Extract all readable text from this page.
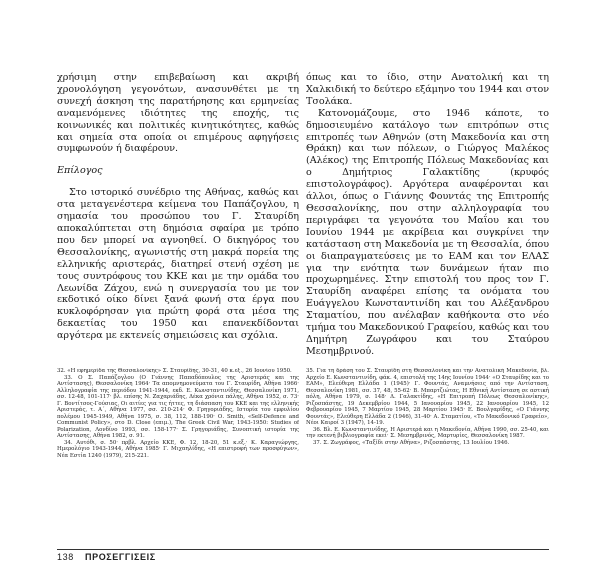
χρήσιμη στην επιβεβαίωση και ακριβή χρονολόγηση γεγονότων, ανασυνθέτει με τη συνεχή άσκηση της παρατήρησης και ερμηνείας αναμενόμενες ιδιότητες της εποχής, τις κοινωνικές και πολιτικές κινητικότητες, καθώς και σημεία στα οποία οι επιμέρους αφηγήσεις συμφωνούν ή διαφέρουν.

Επίλογος

Στο ιστορικό συνέδριο της Αθήνας, καθώς και στα μεταγενέστερα κείμενα του Παπάζογλου, η σημασία του προσώπου του Γ. Σταυρίδη αποκαλύπτεται στη δημόσια σφαίρα με τρόπο που δεν μπορεί να αγνοηθεί. Ο δικηγόρος του Θεσσαλονίκης, αγωνιστής στη μακρά πορεία της ελληνικής αριστεράς, διατηρεί στενή σχέση με τους συντρόφους του ΚΚΕ και με την ομάδα του Λεωνίδα Ζάχου, ενώ η συνεργασία του με τον εκδοτικό οίκο δίνει ξανά φωνή στα έργα που κυκλοφόρησαν για πρώτη φορά στα μέσα της δεκαετίας του 1950 και επανεκδίδονται αργότερα με εκτενείς σημειώσεις και σχόλια.

όπως και το ίδιο, στην Ανατολική και τη Χαλκιδική το δεύτερο εξάμηνο του 1944 και στον Τσολάκα.

Κατονομάζουμε, στο 1946 κάποτε, το δημοσιευμένο κατάλογο των επιτρόπων στις επιτροπές των Αθηνών (στη Μακεδονία και στη Θράκη) και των πόλεων, ο Γιώργος Μαλέκος (Αλέκος) της Επιτροπής Πόλεως Μακεδονίας και ο Δημήτριος Γαλακτίδης (κρυφός επιστολογράφος). Αργότερα αναφέρονται και άλλοι, όπως ο Γιάννης Φουντάς της Επιτροπής Θεσσαλονίκης, που στην αλληλογραφία του περιγράφει τα γεγονότα του Μαΐου και του Ιουνίου 1944 με ακρίβεια και συγκρίνει την κατάσταση στη Μακεδονία με τη Θεσσαλία, όπου οι διαπραγματεύσεις με το ΕΑΜ και τον ΕΛΑΣ για την ενότητα των δυνάμεων ήταν πιο προχωρημένες. Στην επιστολή του προς τον Γ. Σταυρίδη αναφέρει επίσης τα ονόματα του Ευάγγελου Κωνσταντινίδη και του Αλέξανδρου Σταματίου, που ανέλαβαν καθήκοντα στο νέο τμήμα του Μακεδονικού Γραφείου, καθώς και του Δημήτρη Ζωγράφου και του Σταύρου Μεσημβρινού.

32. «Η εφημερίδα της Θεσσαλονίκης» Σ. Σταυρίδης, 30-31, 40 κ.εξ., 26 Ιουνίου 1950.

33. Ο Σ. Παπάζογλου (Ο Γιάννης Παπαδόπουλος της Αριστεράς και της Αντίστασης), Θεσσαλονίκη 1964· Τα απομνημονεύματα του Γ. Σταυρίδη, Αθήνα 1966· Αλληλογραφία της περιόδου 1941-1944, εκδ. Ε. Κωνσταντινίδης, Θεσσαλονίκη 1971, σσ. 12-48, 101-117· βλ. επίσης Ν. Ζαχαριάδης, Δέκα χρόνια πάλης, Αθήνα 1952, σ. 73· Γ. Βοντίτσος-Γούσιας, Οι αιτίες για τις ήττες, τη διάσπαση του ΚΚΕ και της ελληνικής Αριστεράς, τ. Α΄, Αθήνα 1977, σσ. 210-214· Φ. Γρηγοριάδης, Ιστορία του εμφυλίου πολέμου 1945-1949, Αθήνα 1975, σ. 38, 112, 188-190· Ο. Smith, «Self-Defence and Communist Policy», στο D. Close (επιμ.), The Greek Civil War, 1943-1950: Studies of Polarization, Λονδίνο 1993, σσ. 158-177· Σ. Γρηγοριάδης, Συνοπτική ιστορία της Αντίστασης, Αθήνα 1982, σ. 91.

34. Αυτόθι, σ. 50· πρβλ. Αρχείο ΚΚΕ, Φ. 12, 18-20, 51 κ.εξ.· Κ. Καραγιώργης, Ημερολόγιο 1943-1944, Αθήνα 1985· Γ. Μιχαηλίδης, «Η επιστροφή των προσφύγων», Νέα Εστία 1240 (1979), 215-221.

35. Για τη δράση του Σ. Σταυρίδη στη Θεσσαλονίκη και την Ανατολική Μακεδονία, βλ. Αρχείο Ε. Κωνσταντινίδη, φάκ. 4, επιστολή της 14ης Ιουνίου 1944· «Ο Σταυρίδης και το ΕΑΜ», Ελεύθερη Ελλάδα 1 (1945)· Γ. Φουντάς, Αναμνήσεις από την Αντίσταση, Θεσσαλονίκη 1981, σσ. 37, 48, 55-62· Β. Μπαρτζιώτας, Η Εθνική Αντίσταση σε αστική πόλη, Αθήνα 1979, σ. 148· Δ. Γαλακτίδης, «Η Επιτροπή Πόλεως Θεσσαλονίκης», Ριζοσπάστης, 19 Δεκεμβρίου 1944, 5 Ιανουαρίου 1945, 22 Ιανουαρίου 1945, 12 Φεβρουαρίου 1945, 7 Μαρτίου 1945, 28 Μαρτίου 1945· Ε. Βουλγαρίδης, «Ο Γιάννης Φουντάς», Ελεύθερη Ελλάδα 2 (1946), 31-40· Α. Σταματίου, «Το Μακεδονικό Γραφείο», Νέοι Καιροί 3 (1947), 14-19.

36. Βλ. Ε. Κωνσταντινίδης, Η Αριστερά και η Μακεδονία, Αθήνα 1990, σσ. 25-40, και την εκτενή βιβλιογραφία εκεί· Σ. Μεσημβρινός, Μαρτυρίες, Θεσσαλονίκη 1987.

37. Σ. Ζωγράφος, «Ταξίδι στην Αθήνα», Ριζοσπάστης, 13 Ιουλίου 1946.

138	ΠΡΟΣΕΓΓΙΣΕΙΣ
